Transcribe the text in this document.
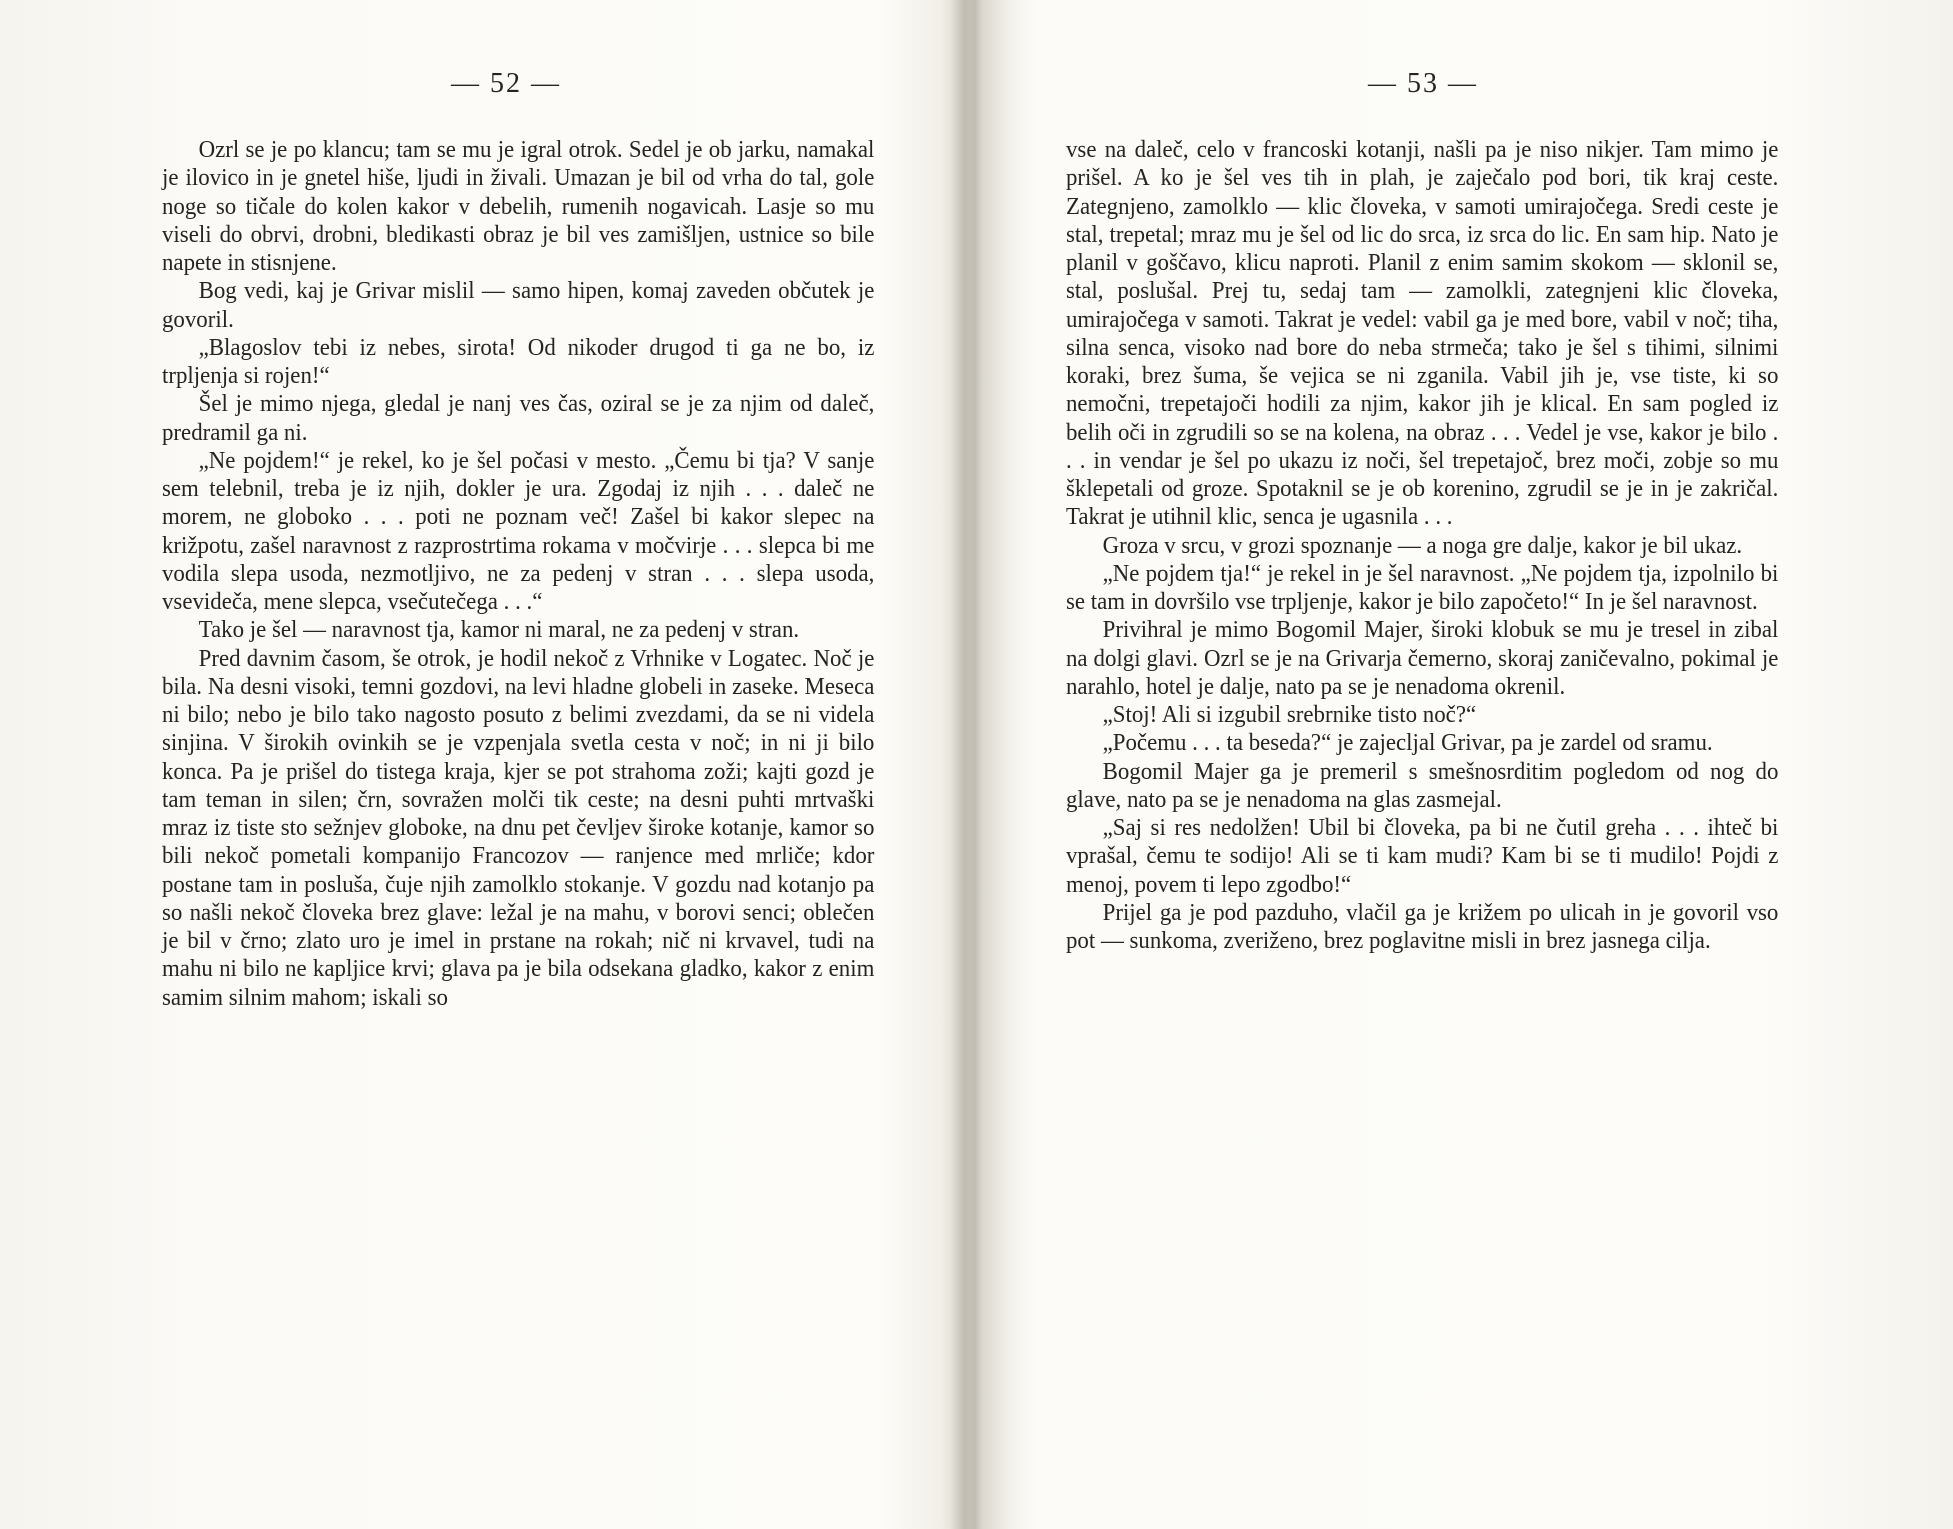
— 52 —

Ozrl se je po klancu; tam se mu je igral otrok. Sedel je ob jarku, namakal je ilovico in je gnetel hiše, ljudi in živali. Umazan je bil od vrha do tal, gole noge so tičale do kolen kakor v debelih, rumenih nogavicah. Lasje so mu viseli do obrvi, drobni, bledikasti obraz je bil ves zamišljen, ustnice so bile napete in stisnjene.

Bog vedi, kaj je Grivar mislil — samo hipen, komaj zaveden občutek je govoril.

„Blagoslov tebi iz nebes, sirota! Od nikoder drugod ti ga ne bo, iz trpljenja si rojen!“

Šel je mimo njega, gledal je nanj ves čas, oziral se je za njim od daleč, predramil ga ni.

„Ne pojdem!“ je rekel, ko je šel počasi v mesto. „Čemu bi tja? V sanje sem telebnil, treba je iz njih, dokler je ura. Zgodaj iz njih . . . daleč ne morem, ne globoko . . . poti ne poznam več! Zašel bi kakor slepec na križpotu, zašel naravnost z razprostrtima rokama v močvirje . . . slepca bi me vodila slepa usoda, nezmotljivo, ne za pedenj v stran . . . slepa usoda, vsevideča, mene slepca, vsečutečega . . .“

Tako je šel — naravnost tja, kamor ni maral, ne za pedenj v stran.

Pred davnim časom, še otrok, je hodil nekoč z Vrhnike v Logatec. Noč je bila. Na desni visoki, temni gozdovi, na levi hladne globeli in zaseke. Meseca ni bilo; nebo je bilo tako nagosto posuto z belimi zvezdami, da se ni videla sinjina. V širokih ovinkih se je vzpenjala svetla cesta v noč; in ni ji bilo konca. Pa je prišel do tistega kraja, kjer se pot strahoma zoži; kajti gozd je tam teman in silen; črn, sovražen molči tik ceste; na desni puhti mrtvaški mraz iz tiste sto sežnjev globoke, na dnu pet čevljev široke kotanje, kamor so bili nekoč pometali kompanijo Francozov — ranjence med mrliče; kdor postane tam in posluša, čuje njih zamolklo stokanje. V gozdu nad kotanjo pa so našli nekoč človeka brez glave: ležal je na mahu, v borovi senci; oblečen je bil v črno; zlato uro je imel in prstane na rokah; nič ni krvavel, tudi na mahu ni bilo ne kapljice krvi; glava pa je bila odsekana gladko, kakor z enim samim silnim mahom; iskali so

— 53 —

vse na daleč, celo v francoski kotanji, našli pa je niso nikjer. Tam mimo je prišel. A ko je šel ves tih in plah, je zaječalo pod bori, tik kraj ceste. Zategnjeno, zamolklo — klic človeka, v samoti umirajočega. Sredi ceste je stal, trepetal; mraz mu je šel od lic do srca, iz srca do lic. En sam hip. Nato je planil v goščavo, klicu naproti. Planil z enim samim skokom — sklonil se, stal, poslušal. Prej tu, sedaj tam — zamolkli, zategnjeni klic človeka, umirajočega v samoti. Takrat je vedel: vabil ga je med bore, vabil v noč; tiha, silna senca, visoko nad bore do neba strmeča; tako je šel s tihimi, silnimi koraki, brez šuma, še vejica se ni zganila. Vabil jih je, vse tiste, ki so nemočni, trepetajoči hodili za njim, kakor jih je klical. En sam pogled iz belih oči in zgrudili so se na kolena, na obraz . . . Vedel je vse, kakor je bilo . . . in vendar je šel po ukazu iz noči, šel trepetajoč, brez moči, zobje so mu šklepetali od groze. Spotaknil se je ob korenino, zgrudil se je in je zakričal. Takrat je utihnil klic, senca je ugasnila . . .

Groza v srcu, v grozi spoznanje — a noga gre dalje, kakor je bil ukaz.

„Ne pojdem tja!“ je rekel in je šel naravnost. „Ne pojdem tja, izpolnilo bi se tam in dovršilo vse trpljenje, kakor je bilo započeto!“ In je šel naravnost.

Privihral je mimo Bogomil Majer, široki klobuk se mu je tresel in zibal na dolgi glavi. Ozrl se je na Grivarja čemerno, skoraj zaničevalno, pokimal je narahlo, hotel je dalje, nato pa se je nenadoma okrenil.

„Stoj! Ali si izgubil srebrnike tisto noč?“

„Počemu . . . ta beseda?“ je zajecljal Grivar, pa je zardel od sramu.

Bogomil Majer ga je premeril s smešnosrditim pogledom od nog do glave, nato pa se je nenadoma na glas zasmejal.

„Saj si res nedolžen! Ubil bi človeka, pa bi ne čutil greha . . . ihteč bi vprašal, čemu te sodijo! Ali se ti kam mudi? Kam bi se ti mudilo! Pojdi z menoj, povem ti lepo zgodbo!“

Prijel ga je pod pazduho, vlačil ga je križem po ulicah in je govoril vso pot — sunkoma, zveriženo, brez poglavitne misli in brez jasnega cilja.
